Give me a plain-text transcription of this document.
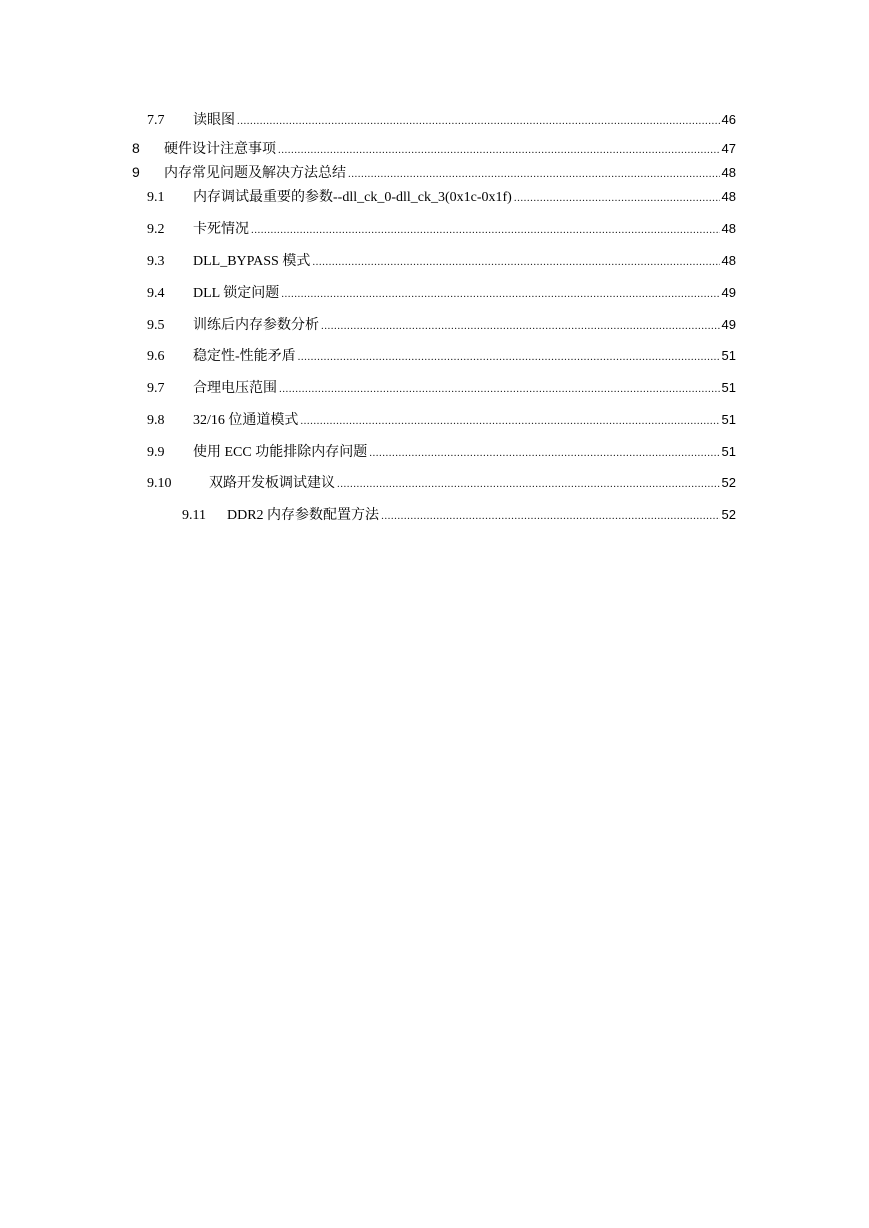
7.7	读眼图 .....	46
8	硬件设计注意事项 .....	47
9	内存常见问题及解决方法总结 .....	48
9.1	内存调试最重要的参数--dll_ck_0-dll_ck_3(0x1c-0x1f) .....	48
9.2	卡死情况 .....	48
9.3	DLL_BYPASS 模式 .....	48
9.4	DLL 锁定问题 .....	49
9.5	训练后内存参数分析 .....	49
9.6	稳定性-性能矛盾 .....	51
9.7	合理电压范围 .....	51
9.8	32/16 位通道模式 .....	51
9.9	使用 ECC 功能排除内存问题 .....	51
9.10	双路开发板调试建议 .....	52
9.11	DDR2 内存参数配置方法 .....	52
